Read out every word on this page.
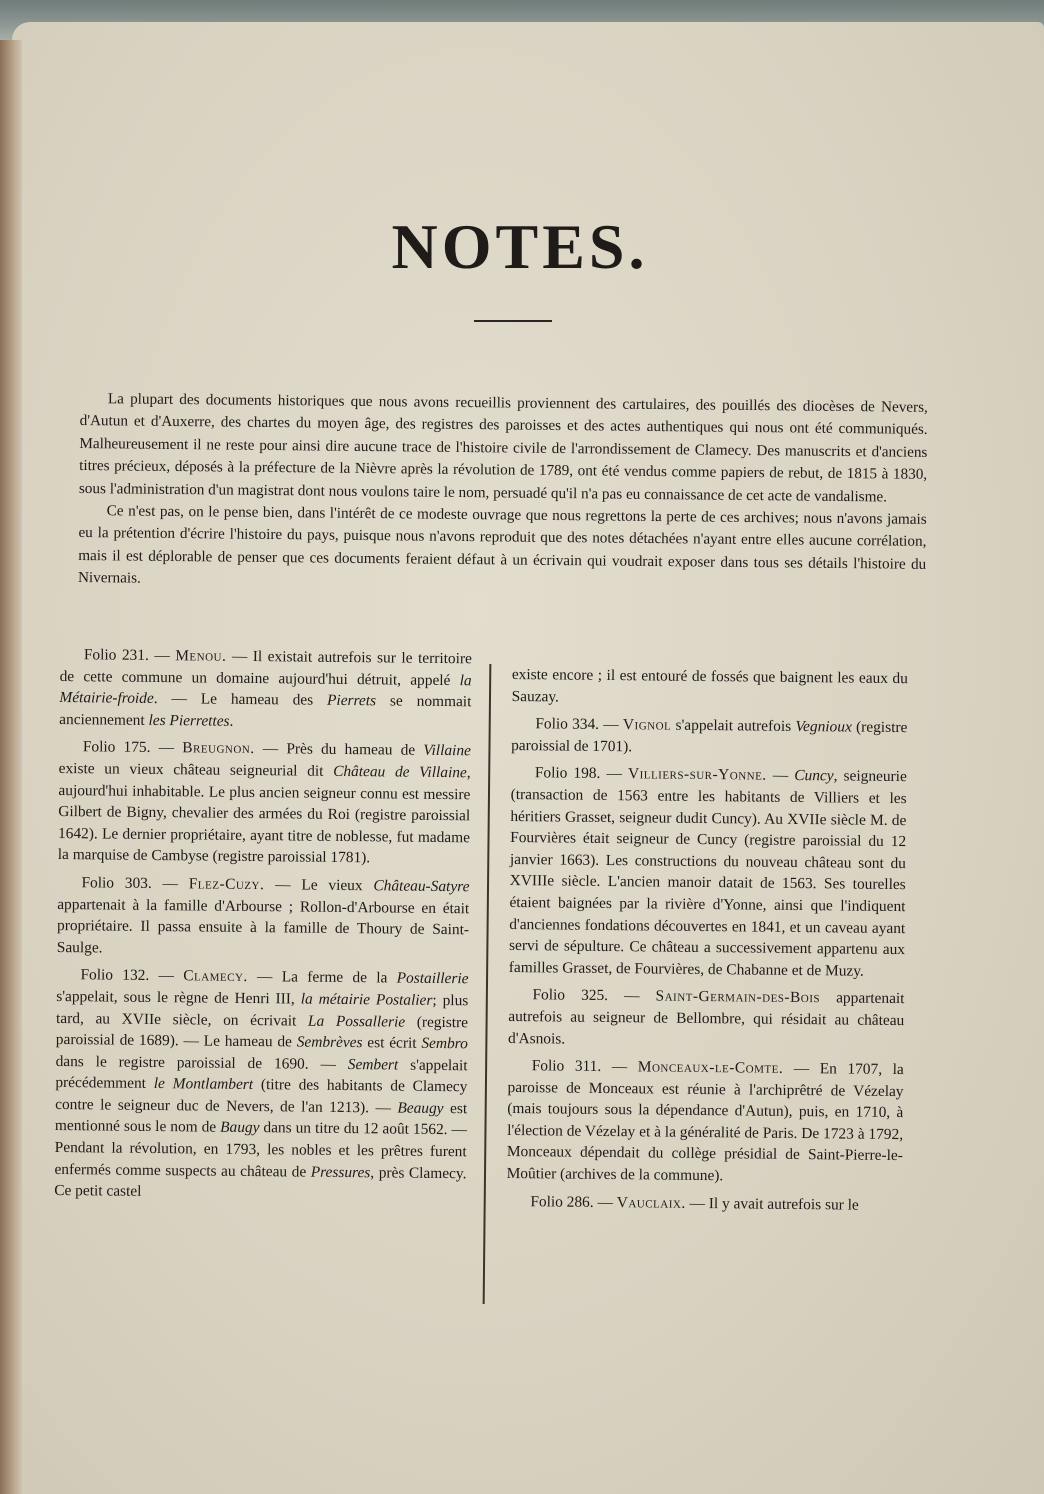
NOTES.

La plupart des documents historiques que nous avons recueillis proviennent des cartulaires, des pouillés des diocèses de Nevers, d'Autun et d'Auxerre, des chartes du moyen âge, des registres des paroisses et des actes authentiques qui nous ont été communiqués. Malheureusement il ne reste pour ainsi dire aucune trace de l'histoire civile de l'arrondissement de Clamecy. Des manuscrits et d'anciens titres précieux, déposés à la préfecture de la Nièvre après la révolution de 1789, ont été vendus comme papiers de rebut, de 1815 à 1830, sous l'administration d'un magistrat dont nous voulons taire le nom, persuadé qu'il n'a pas eu connaissance de cet acte de vandalisme.

Ce n'est pas, on le pense bien, dans l'intérêt de ce modeste ouvrage que nous regrettons la perte de ces archives; nous n'avons jamais eu la prétention d'écrire l'histoire du pays, puisque nous n'avons reproduit que des notes détachées n'ayant entre elles aucune corrélation, mais il est déplorable de penser que ces documents feraient défaut à un écrivain qui voudrait exposer dans tous ses détails l'histoire du Nivernais.

Folio 231. — Menou. — Il existait autrefois sur le territoire de cette commune un domaine aujourd'hui détruit, appelé la Métairie-froide. — Le hameau des Pierrets se nommait anciennement les Pierrettes.

Folio 175. — Breugnon. — Près du hameau de Villaine existe un vieux château seigneurial dit Château de Villaine, aujourd'hui inhabitable. Le plus ancien seigneur connu est messire Gilbert de Bigny, chevalier des armées du Roi (registre paroissial 1642). Le dernier propriétaire, ayant titre de noblesse, fut madame la marquise de Cambyse (registre paroissial 1781).

Folio 303. — Flez-Cuzy. — Le vieux Château-Satyre appartenait à la famille d'Arbourse ; Rollon-d'Arbourse en était propriétaire. Il passa ensuite à la famille de Thoury de Saint-Saulge.

Folio 132. — Clamecy. — La ferme de la Postaillerie s'appelait, sous le règne de Henri III, la métairie Postalier; plus tard, au XVIIe siècle, on écrivait La Possallerie (registre paroissial de 1689). — Le hameau de Sembrèves est écrit Sembro dans le registre paroissial de 1690. — Sembert s'appelait précédemment le Montlambert (titre des habitants de Clamecy contre le seigneur duc de Nevers, de l'an 1213). — Beaugy est mentionné sous le nom de Baugy dans un titre du 12 août 1562. — Pendant la révolution, en 1793, les nobles et les prêtres furent enfermés comme suspects au château de Pressures, près Clamecy. Ce petit castel

existe encore ; il est entouré de fossés que baignent les eaux du Sauzay.

Folio 334. — Vignol s'appelait autrefois Vegnioux (registre paroissial de 1701).

Folio 198. — Villiers-sur-Yonne. — Cuncy, seigneurie (transaction de 1563 entre les habitants de Villiers et les héritiers Grasset, seigneur dudit Cuncy). Au XVIIe siècle M. de Fourvières était seigneur de Cuncy (registre paroissial du 12 janvier 1663). Les constructions du nouveau château sont du XVIIIe siècle. L'ancien manoir datait de 1563. Ses tourelles étaient baignées par la rivière d'Yonne, ainsi que l'indiquent d'anciennes fondations découvertes en 1841, et un caveau ayant servi de sépulture. Ce château a successivement appartenu aux familles Grasset, de Fourvières, de Chabanne et de Muzy.

Folio 325. — Saint-Germain-des-Bois appartenait autrefois au seigneur de Bellombre, qui résidait au château d'Asnois.

Folio 311. — Monceaux-le-Comte. — En 1707, la paroisse de Monceaux est réunie à l'archiprêtré de Vézelay (mais toujours sous la dépendance d'Autun), puis, en 1710, à l'élection de Vézelay et à la généralité de Paris. De 1723 à 1792, Monceaux dépendait du collège présidial de Saint-Pierre-le-Moûtier (archives de la commune).

Folio 286. — Vauclaix. — Il y avait autrefois sur le
